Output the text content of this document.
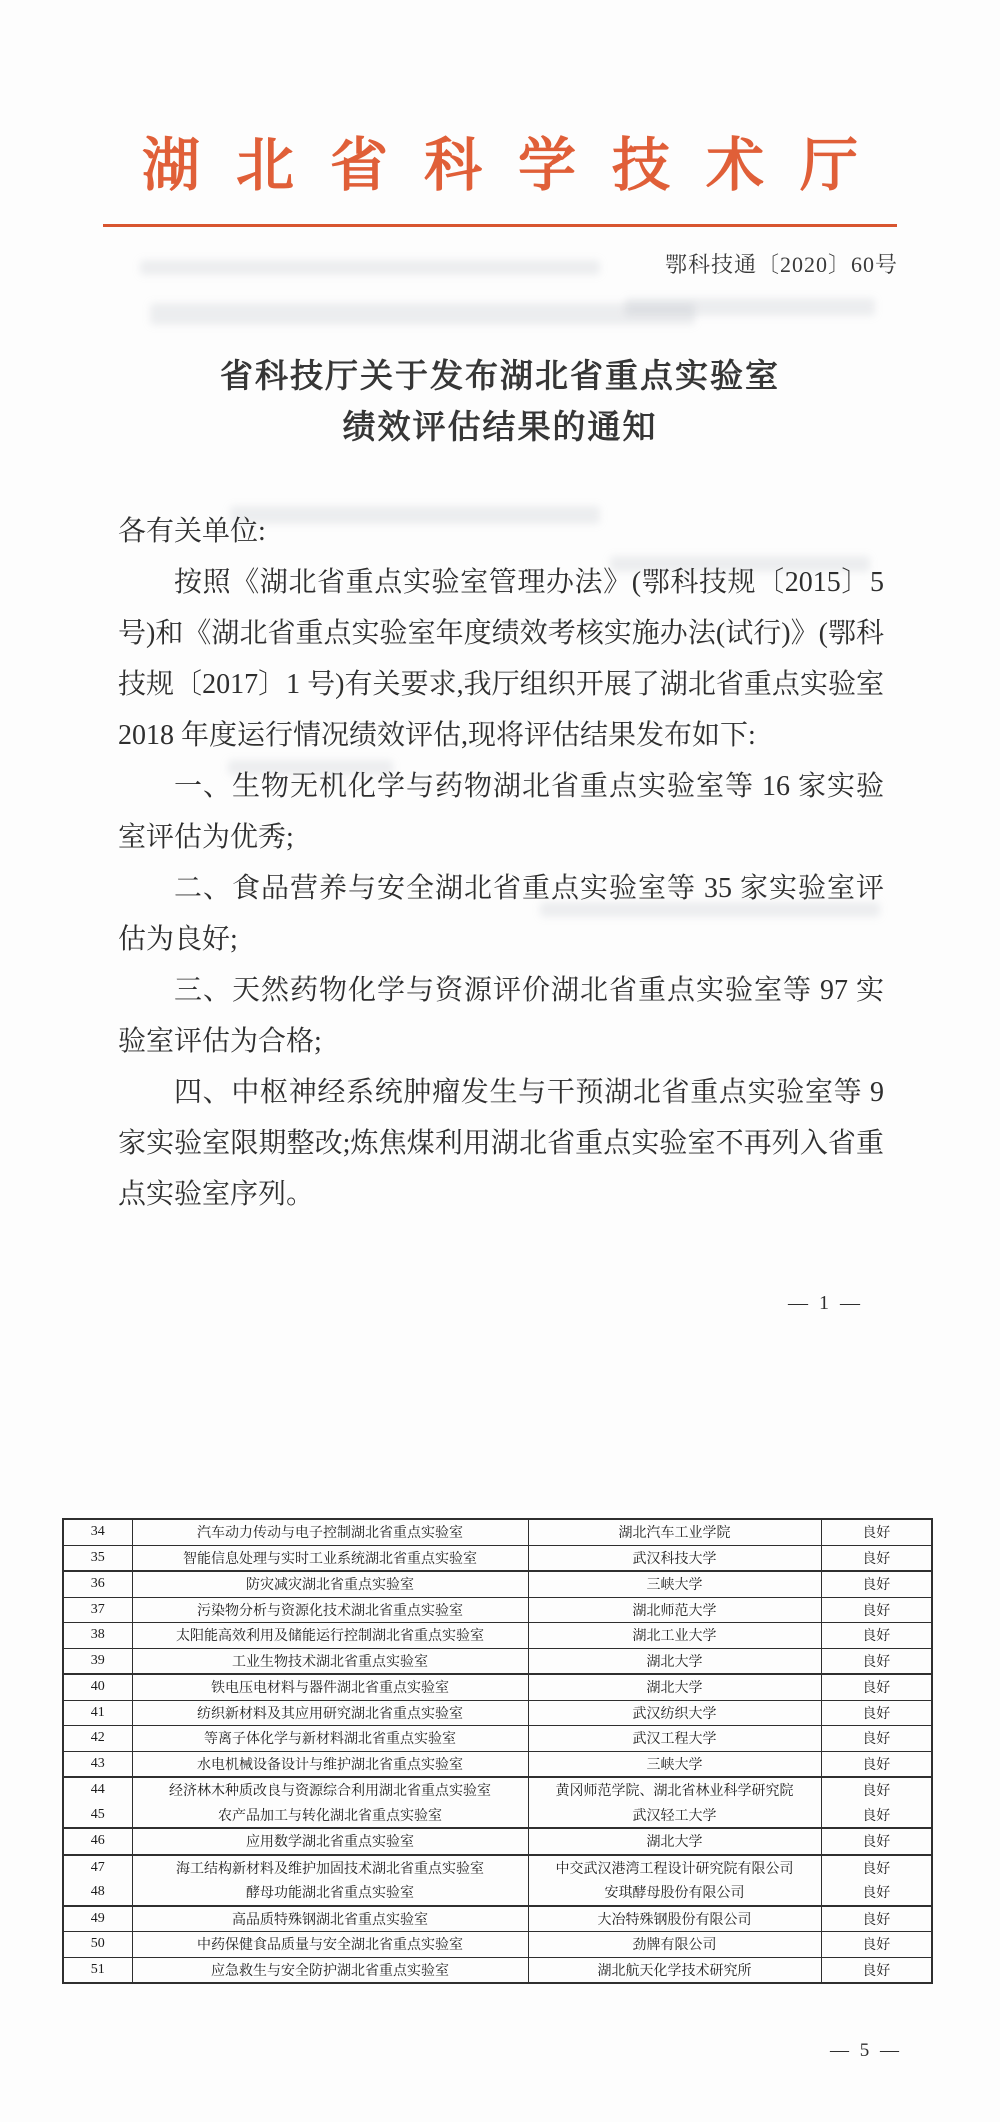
湖北省科学技术厅
鄂科技通〔2020〕60号
省科技厅关于发布湖北省重点实验室
绩效评估结果的通知
各有关单位:

按照《湖北省重点实验室管理办法》(鄂科技规〔2015〕5 号)和《湖北省重点实验室年度绩效考核实施办法(试行)》(鄂科技规〔2017〕1 号)有关要求,我厅组织开展了湖北省重点实验室 2018 年度运行情况绩效评估,现将评估结果发布如下:

一、生物无机化学与药物湖北省重点实验室等 16 家实验室评估为优秀;

二、食品营养与安全湖北省重点实验室等 35 家实验室评估为良好;

三、天然药物化学与资源评价湖北省重点实验室等 97 实验室评估为合格;

四、中枢神经系统肿瘤发生与干预湖北省重点实验室等 9 家实验室限期整改;炼焦煤利用湖北省重点实验室不再列入省重点实验室序列。

— 1 —
34	汽车动力传动与电子控制湖北省重点实验室	湖北汽车工业学院	良好
35	智能信息处理与实时工业系统湖北省重点实验室	武汉科技大学	良好
36	防灾减灾湖北省重点实验室	三峡大学	良好
37	污染物分析与资源化技术湖北省重点实验室	湖北师范大学	良好
38	太阳能高效利用及储能运行控制湖北省重点实验室	湖北工业大学	良好
39	工业生物技术湖北省重点实验室	湖北大学	良好
40	铁电压电材料与器件湖北省重点实验室	湖北大学	良好
41	纺织新材料及其应用研究湖北省重点实验室	武汉纺织大学	良好
42	等离子体化学与新材料湖北省重点实验室	武汉工程大学	良好
43	水电机械设备设计与维护湖北省重点实验室	三峡大学	良好
44	经济林木种质改良与资源综合利用湖北省重点实验室	黄冈师范学院、湖北省林业科学研究院	良好
45	农产品加工与转化湖北省重点实验室	武汉轻工大学	良好
46	应用数学湖北省重点实验室	湖北大学	良好
47	海工结构新材料及维护加固技术湖北省重点实验室	中交武汉港湾工程设计研究院有限公司	良好
48	酵母功能湖北省重点实验室	安琪酵母股份有限公司	良好
49	高品质特殊钢湖北省重点实验室	大冶特殊钢股份有限公司	良好
50	中药保健食品质量与安全湖北省重点实验室	劲牌有限公司	良好
51	应急救生与安全防护湖北省重点实验室	湖北航天化学技术研究所	良好
— 5 —
